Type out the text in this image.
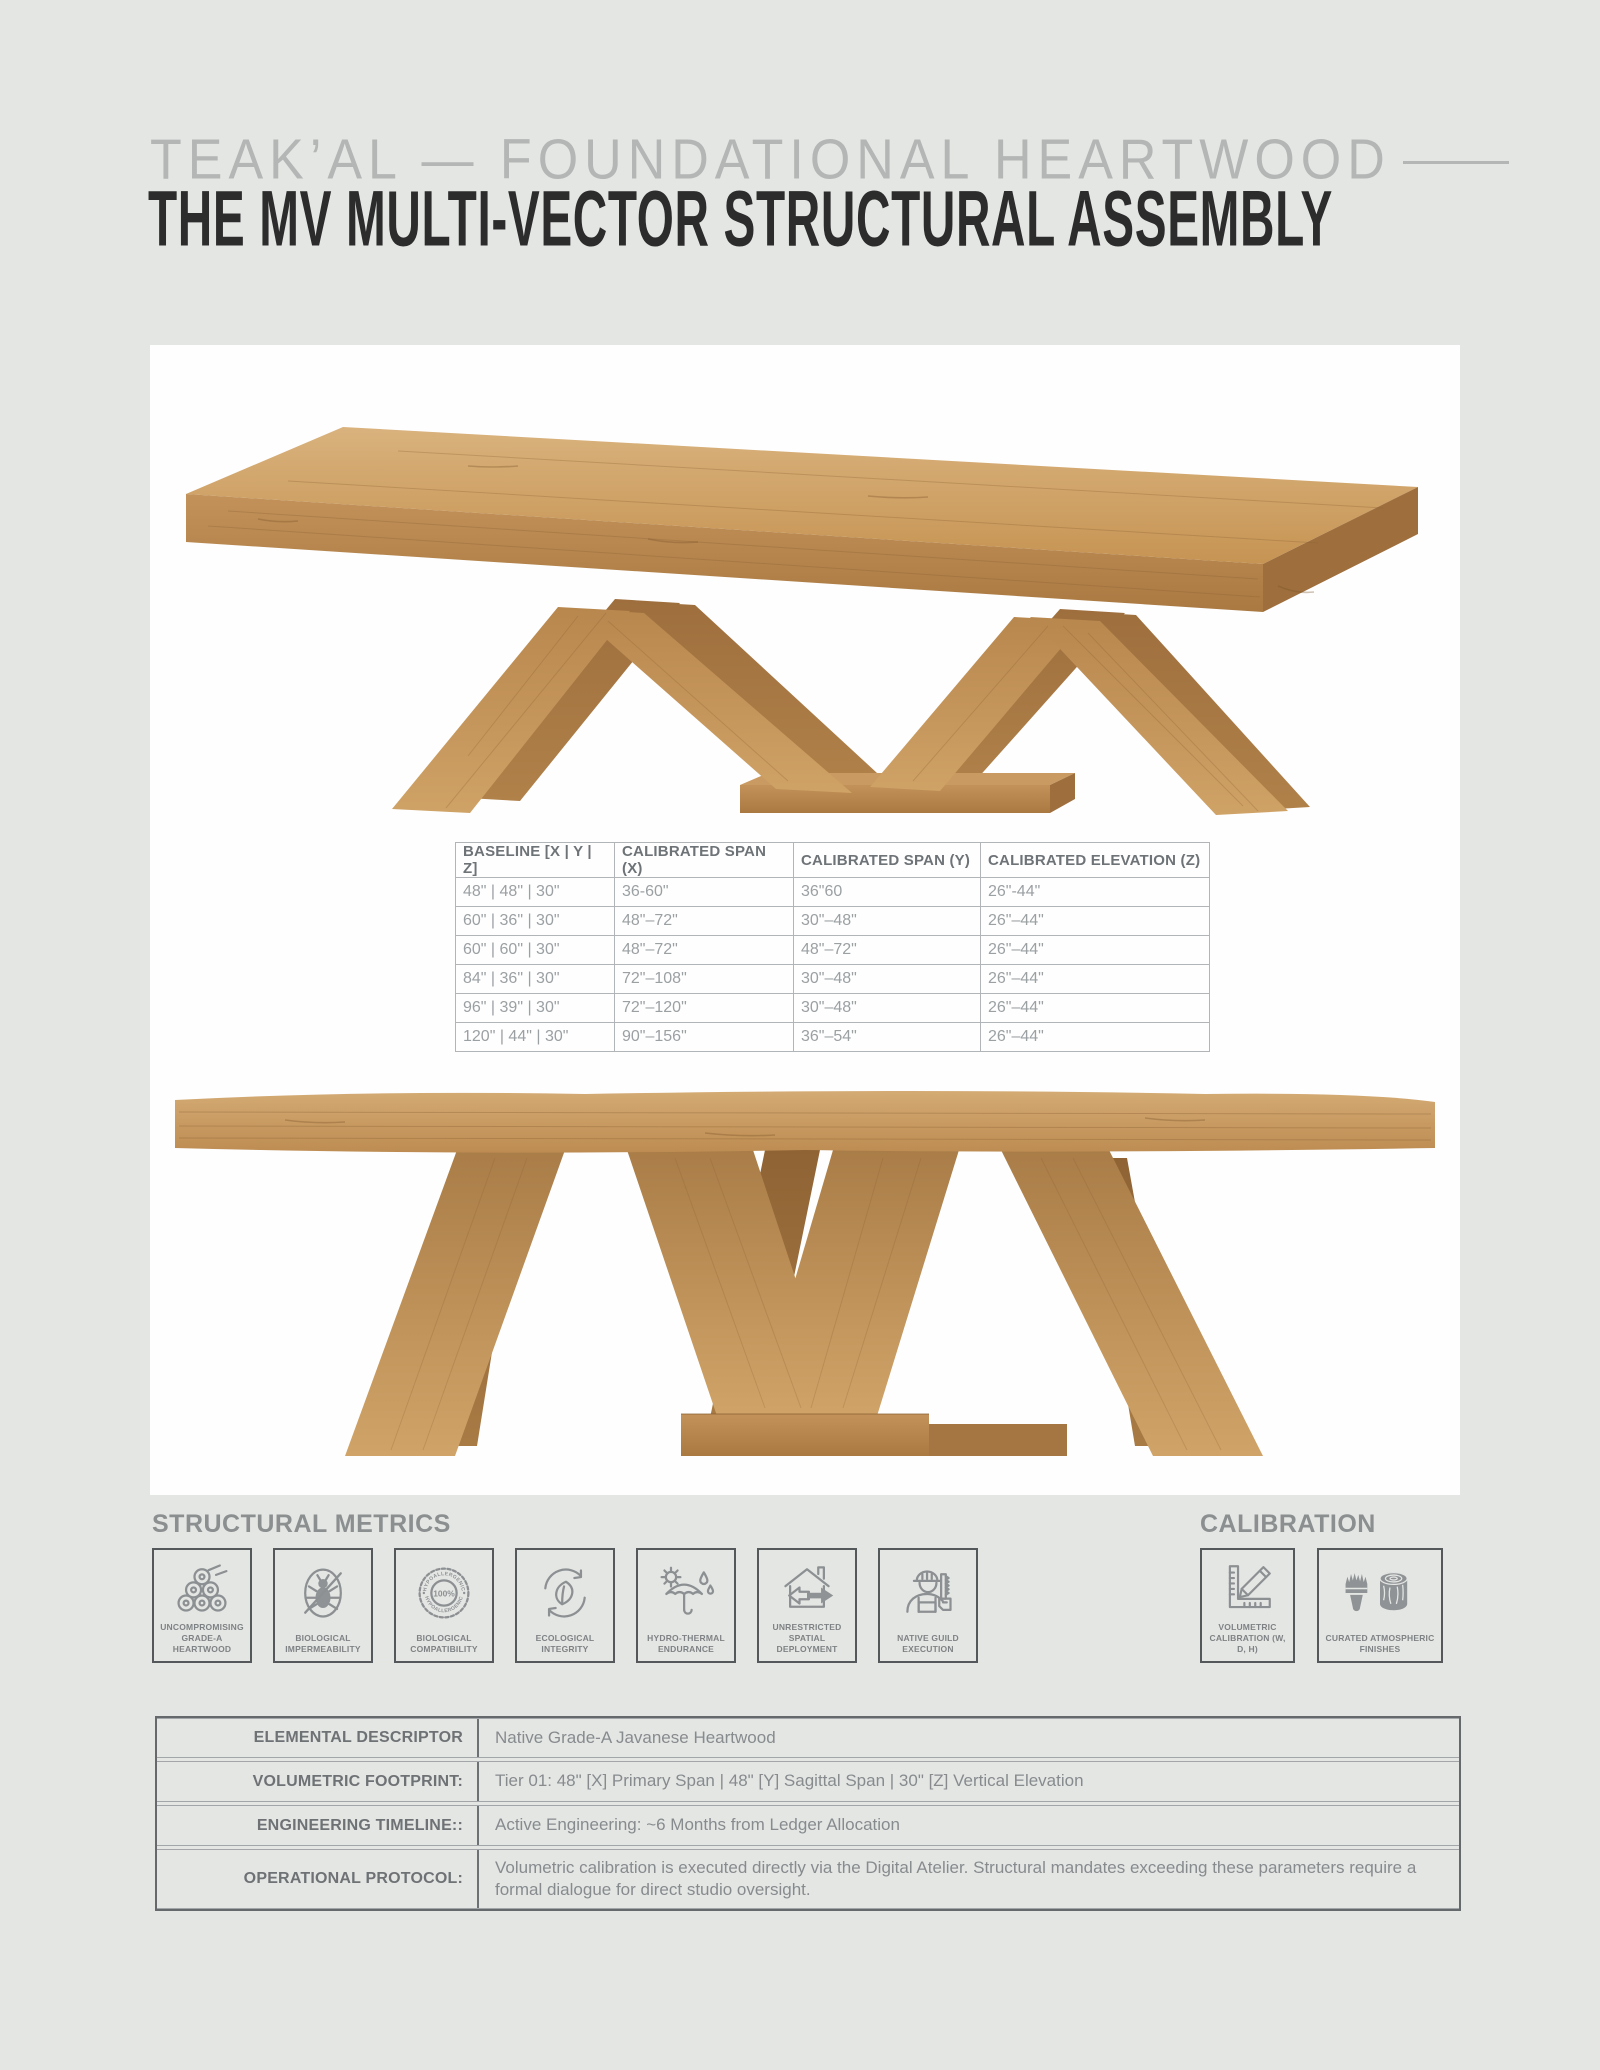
TEAK’AL — FOUNDATIONAL HEARTWOOD
THE MV MULTI-VECTOR STRUCTURAL ASSEMBLY
BASELINE [X | Y | Z]	CALIBRATED SPAN (X)	CALIBRATED SPAN (Y)	CALIBRATED ELEVATION (Z)
48" | 48" | 30"	36-60"	36"60	26"-44"
60" | 36" | 30"	48"–72"	30"–48"	26"–44"
60" | 60" | 30"	48"–72"	48"–72"	26"–44"
84" | 36" | 30"	72"–108"	30"–48"	26"–44"
96" | 39" | 30"	72"–120"	30"–48"	26"–44"
120" | 44" | 30"	90"–156"	36"–54"	26"–44"
STRUCTURAL METRICS
UNCOMPROMISING GRADE-A HEARTWOOD
BIOLOGICAL IMPERMEABILITY
HYPOALLERGENIC
HYPOALLERGENIC
100%
BIOLOGICAL COMPATIBILITY
ECOLOGICAL INTEGRITY
HYDRO-THERMAL ENDURANCE
UNRESTRICTED SPATIAL DEPLOYMENT
NATIVE GUILD EXECUTION
CALIBRATION
VOLUMETRIC CALIBRATION (W, D, H)
CURATED ATMOSPHERIC FINISHES
ELEMENTAL DESCRIPTOR	Native Grade-A Javanese Heartwood
VOLUMETRIC FOOTPRINT:	Tier 01: 48" [X] Primary Span | 48" [Y] Sagittal Span | 30" [Z] Vertical Elevation
ENGINEERING TIMELINE::	Active Engineering: ~6 Months from Ledger Allocation
OPERATIONAL PROTOCOL:
Volumetric calibration is executed directly via the Digital Atelier. Structural mandates exceeding these parameters require a formal dialogue for direct studio oversight.
